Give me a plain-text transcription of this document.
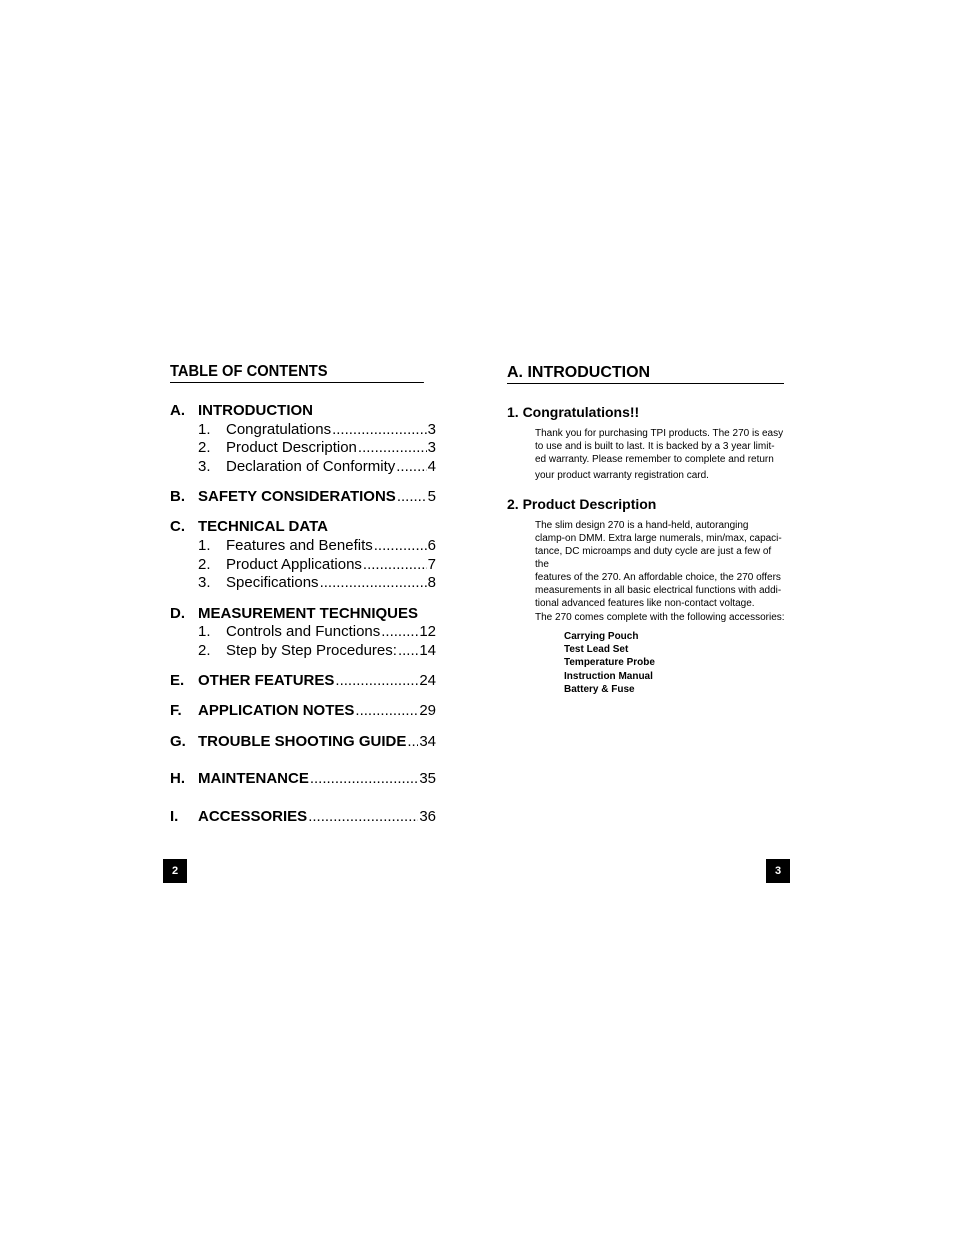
TABLE OF CONTENTS
A. INTRODUCTION
1. Congratulations .....	3
2. Product Description .....	3
3. Declaration of Conformity ..... 4
B. SAFETY CONSIDERATIONS ..... 5
C. TECHNICAL DATA
1. Features and Benefits .....	6
2. Product Applications .....	7
3. Specifications .....	8
D. MEASUREMENT TECHNIQUES
1. Controls and Functions .....	12
2. Step by Step Procedures: ..... 14
E. OTHER FEATURES .....	24
F. APPLICATION NOTES .....	29
G. TROUBLE SHOOTING GUIDE ..... 34
H. MAINTENANCE .....	35
I. ACCESSORIES .....	36
2
A. INTRODUCTION
1. Congratulations!!
Thank you for purchasing TPI products. The 270 is easy
to use and is built to last. It is backed by a 3 year limit-
ed warranty. Please remember to complete and return
your product warranty registration card.
2. Product Description
The slim design 270 is a hand-held, autoranging
clamp-on DMM. Extra large numerals, min/max, capaci-
tance, DC microamps and duty cycle are just a few of the
features of the 270. An affordable choice, the 270 offers
measurements in all basic electrical functions with addi-
tional advanced features like non-contact voltage.
The 270 comes complete with the following accessories:
Carrying Pouch
Test Lead Set
Temperature Probe
Instruction Manual
Battery & Fuse
3
